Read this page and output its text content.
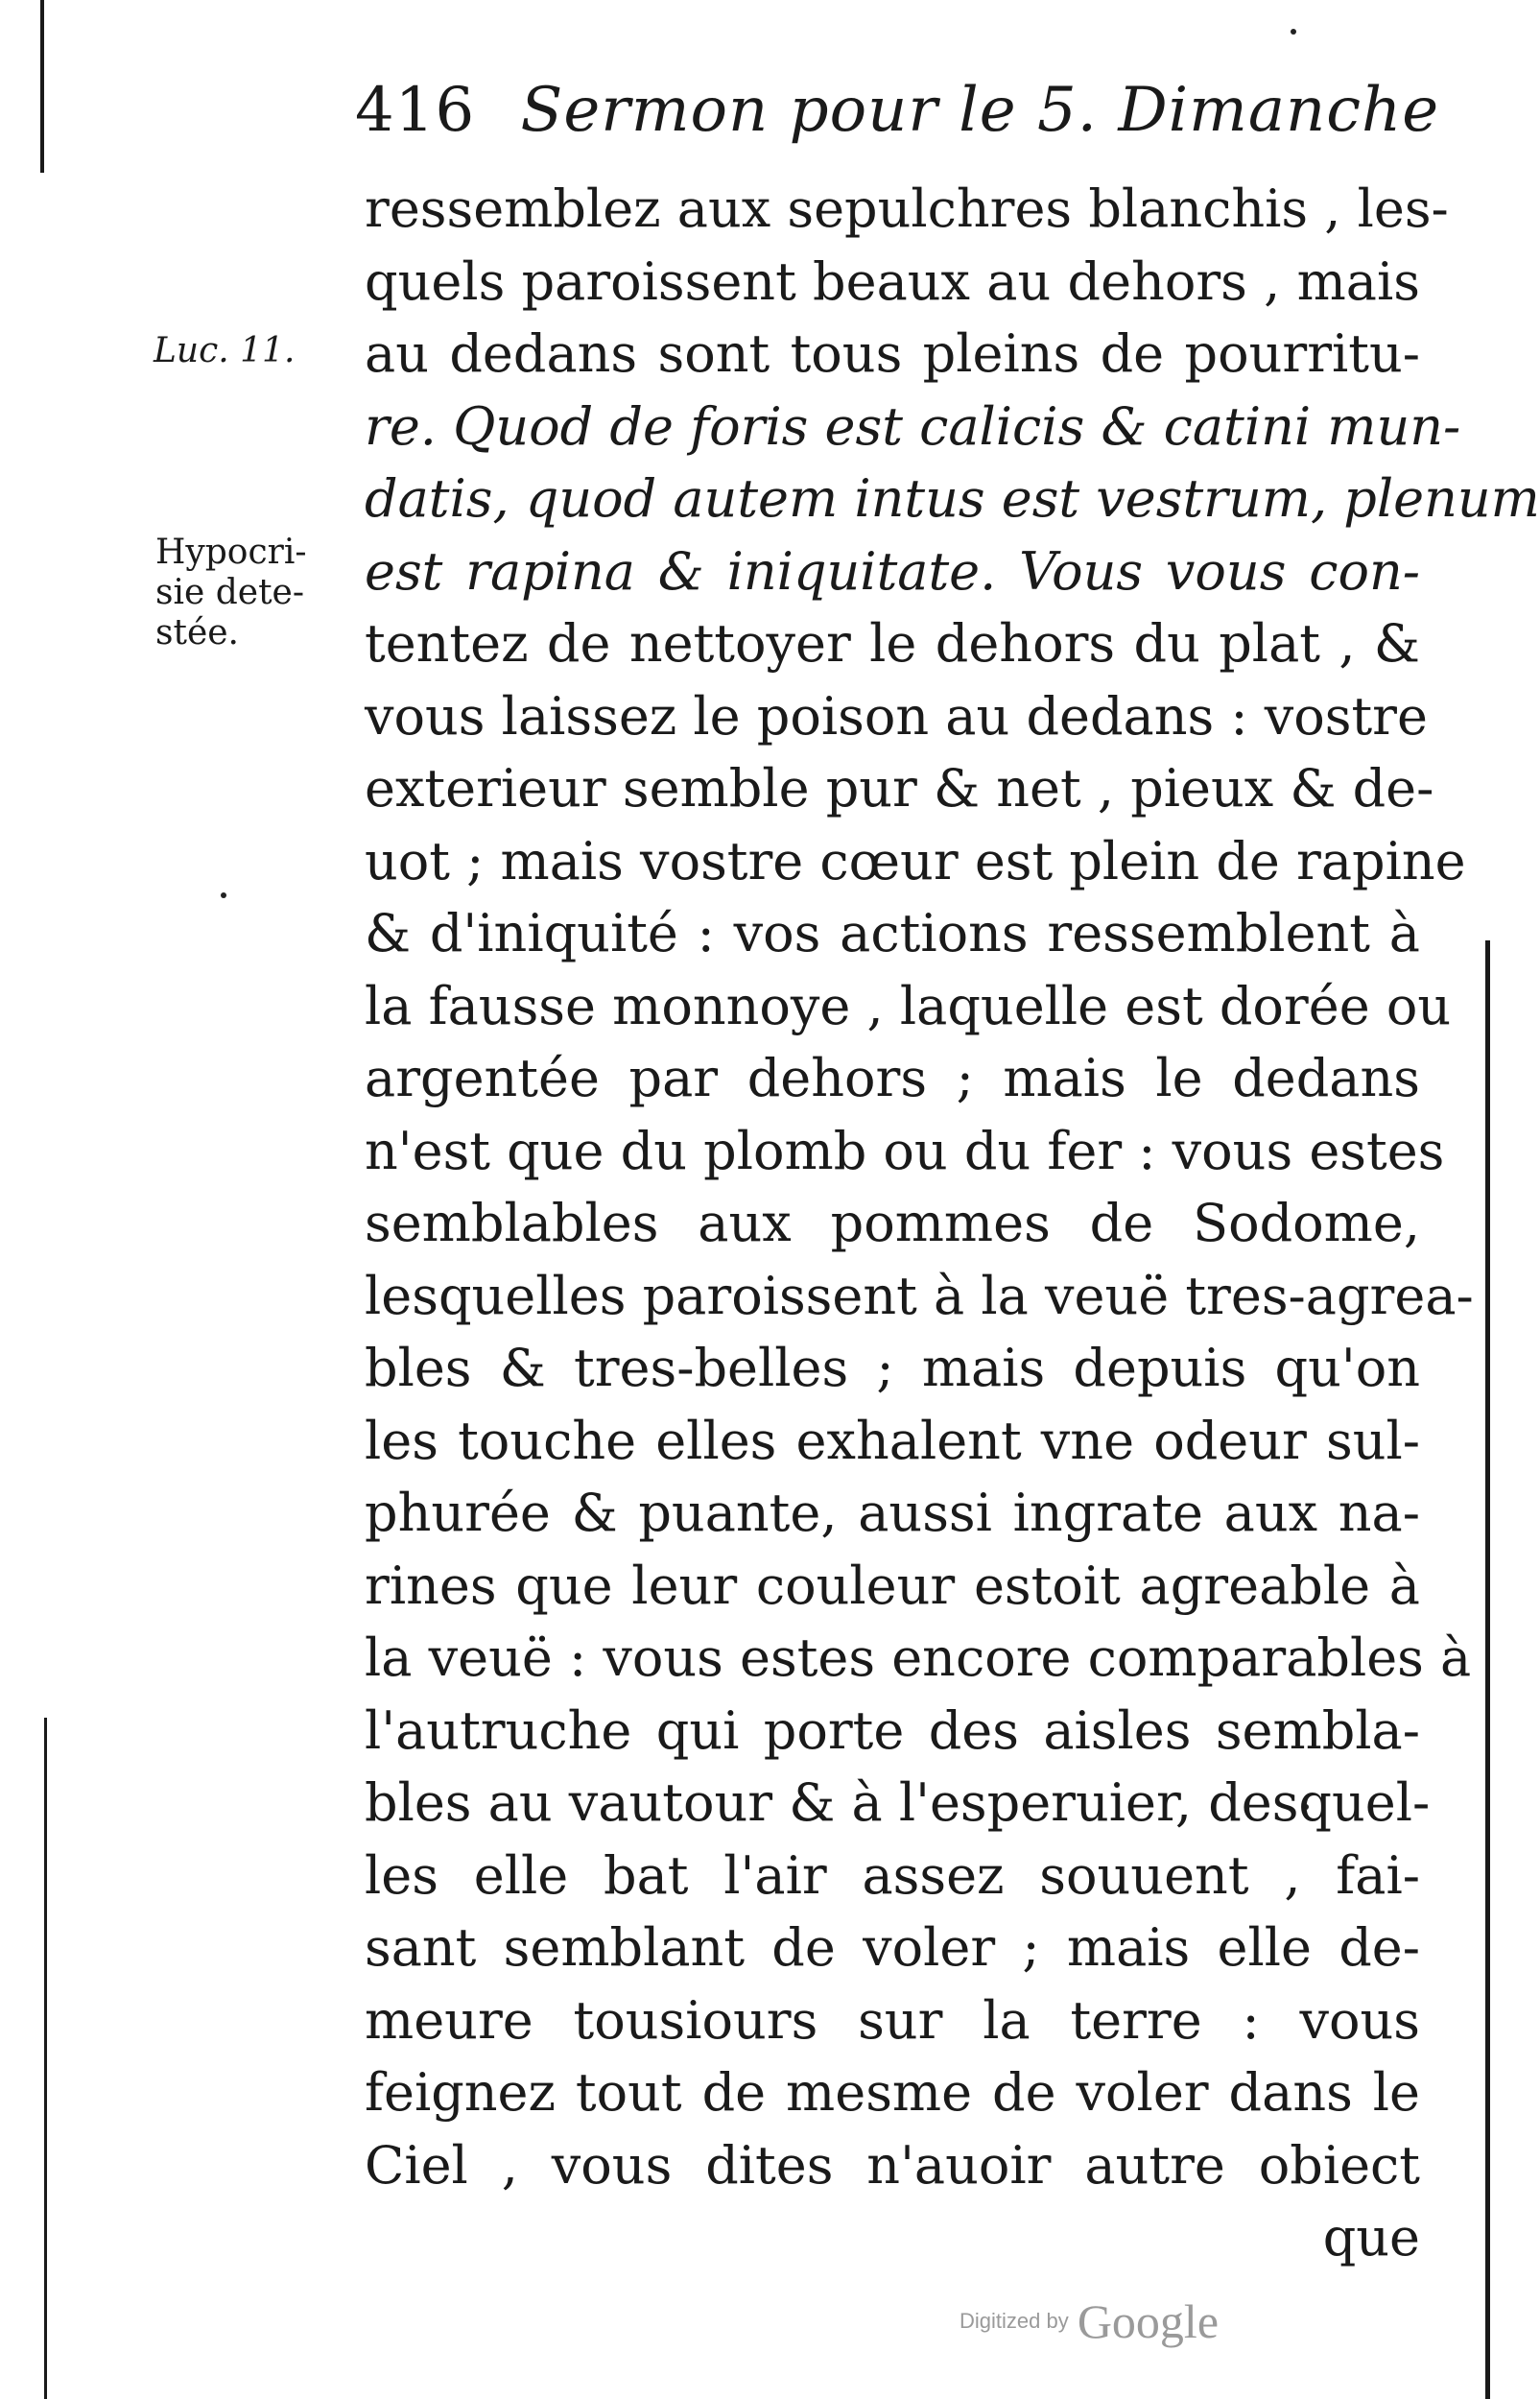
416 Sermon pour le 5. Dimanche
Luc. 11.
Hypocri-
sie dete-
stée.
ressemblez aux sepulchres blanchis , les-
quels paroissent beaux au dehors , mais
au dedans sont tous pleins de pourritu-
re. Quod de foris est calicis & catini mun-
datis, quod autem intus est vestrum, plenum
est rapina & iniquitate. Vous vous con-
tentez de nettoyer le dehors du plat , &
vous laissez le poison au dedans : vostre
exterieur semble pur & net , pieux & de-
uot ; mais vostre cœur est plein de rapine
& d'iniquité : vos actions ressemblent à
la fausse monnoye , laquelle est dorée ou
argentée par dehors ; mais le dedans
n'est que du plomb ou du fer : vous estes
semblables aux pommes de Sodome,
lesquelles paroissent à la veuë tres-agrea-
bles & tres-belles ; mais depuis qu'on
les touche elles exhalent vne odeur sul-
phurée & puante, aussi ingrate aux na-
rines que leur couleur estoit agreable à
la veuë : vous estes encore comparables à
l'autruche qui porte des aisles sembla-
bles au vautour & à l'esperuier, desquel-
les elle bat l'air assez souuent , fai-
sant semblant de voler ; mais elle de-
meure tousiours sur la terre : vous
feignez tout de mesme de voler dans le
Ciel , vous dites n'auoir autre obiect
que
Digitized by Google
